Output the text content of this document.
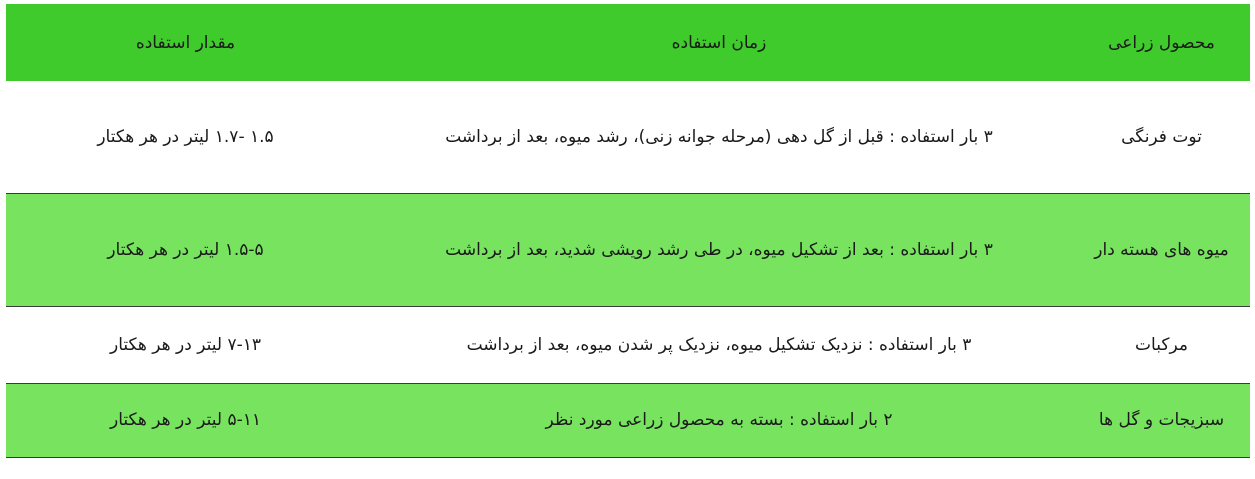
محصول زراعی	زمان استفاده	مقدار استفاده
توت فرنگی	۳ بار استفاده : قبل از گل دهی (مرحله جوانه زنی)، رشد میوه، بعد از برداشت	۱.۵ -۱.۷ لیتر در هر هکتار
میوه های هسته دار	۳ بار استفاده : بعد از تشکیل میوه، در طی رشد رویشی شدید، بعد از برداشت	۱.۵-۵ لیتر در هر هکتار
مرکبات	۳ بار استفاده : نزدیک تشکیل میوه، نزدیک پر شدن میوه، بعد از برداشت	۷-۱۳ لیتر در هر هکتار
سبزیجات و گل ها	۲ بار استفاده : بسته به محصول زراعی مورد نظر	۵-۱۱ لیتر در هر هکتار
